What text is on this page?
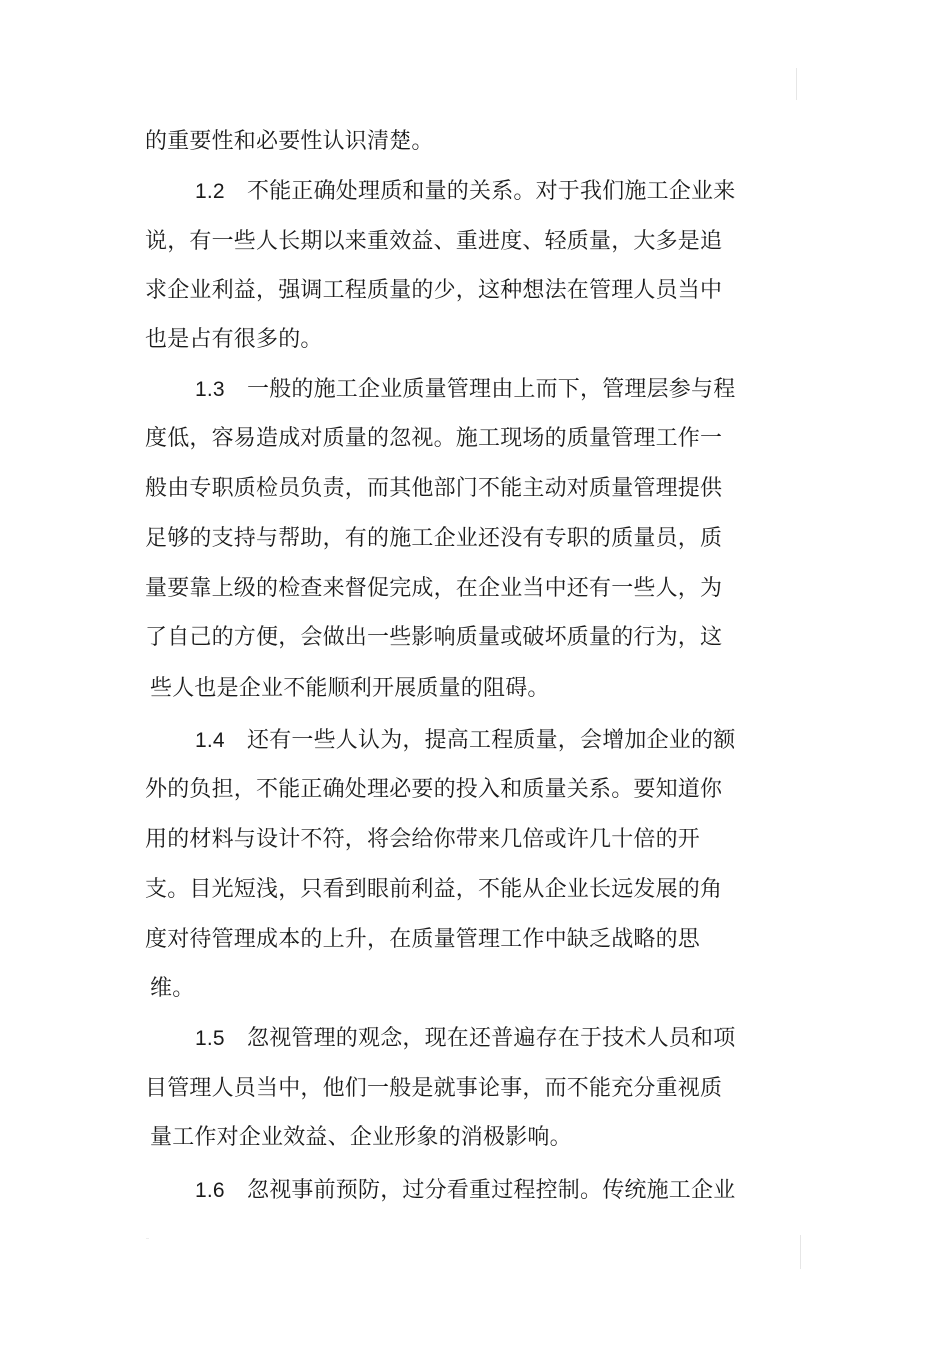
的重要性和必要性认识清楚。
1.2 不能正确处理质和量的关系。对于我们施工企业来
说，有一些人长期以来重效益、重进度、轻质量，大多是追
求企业利益，强调工程质量的少，这种想法在管理人员当中
也是占有很多的。
1.3 一般的施工企业质量管理由上而下，管理层参与程
度低，容易造成对质量的忽视。施工现场的质量管理工作一
般由专职质检员负责，而其他部门不能主动对质量管理提供
足够的支持与帮助，有的施工企业还没有专职的质量员，质
量要靠上级的检查来督促完成，在企业当中还有一些人，为
了自己的方便，会做出一些影响质量或破坏质量的行为，这
些人也是企业不能顺利开展质量的阻碍。
1.4 还有一些人认为，提高工程质量，会增加企业的额
外的负担，不能正确处理必要的投入和质量关系。要知道你
用的材料与设计不符，将会给你带来几倍或许几十倍的开
支。目光短浅，只看到眼前利益，不能从企业长远发展的角
度对待管理成本的上升，在质量管理工作中缺乏战略的思
维。
1.5 忽视管理的观念，现在还普遍存在于技术人员和项
目管理人员当中，他们一般是就事论事，而不能充分重视质
量工作对企业效益、企业形象的消极影响。
1.6 忽视事前预防，过分看重过程控制。传统施工企业
